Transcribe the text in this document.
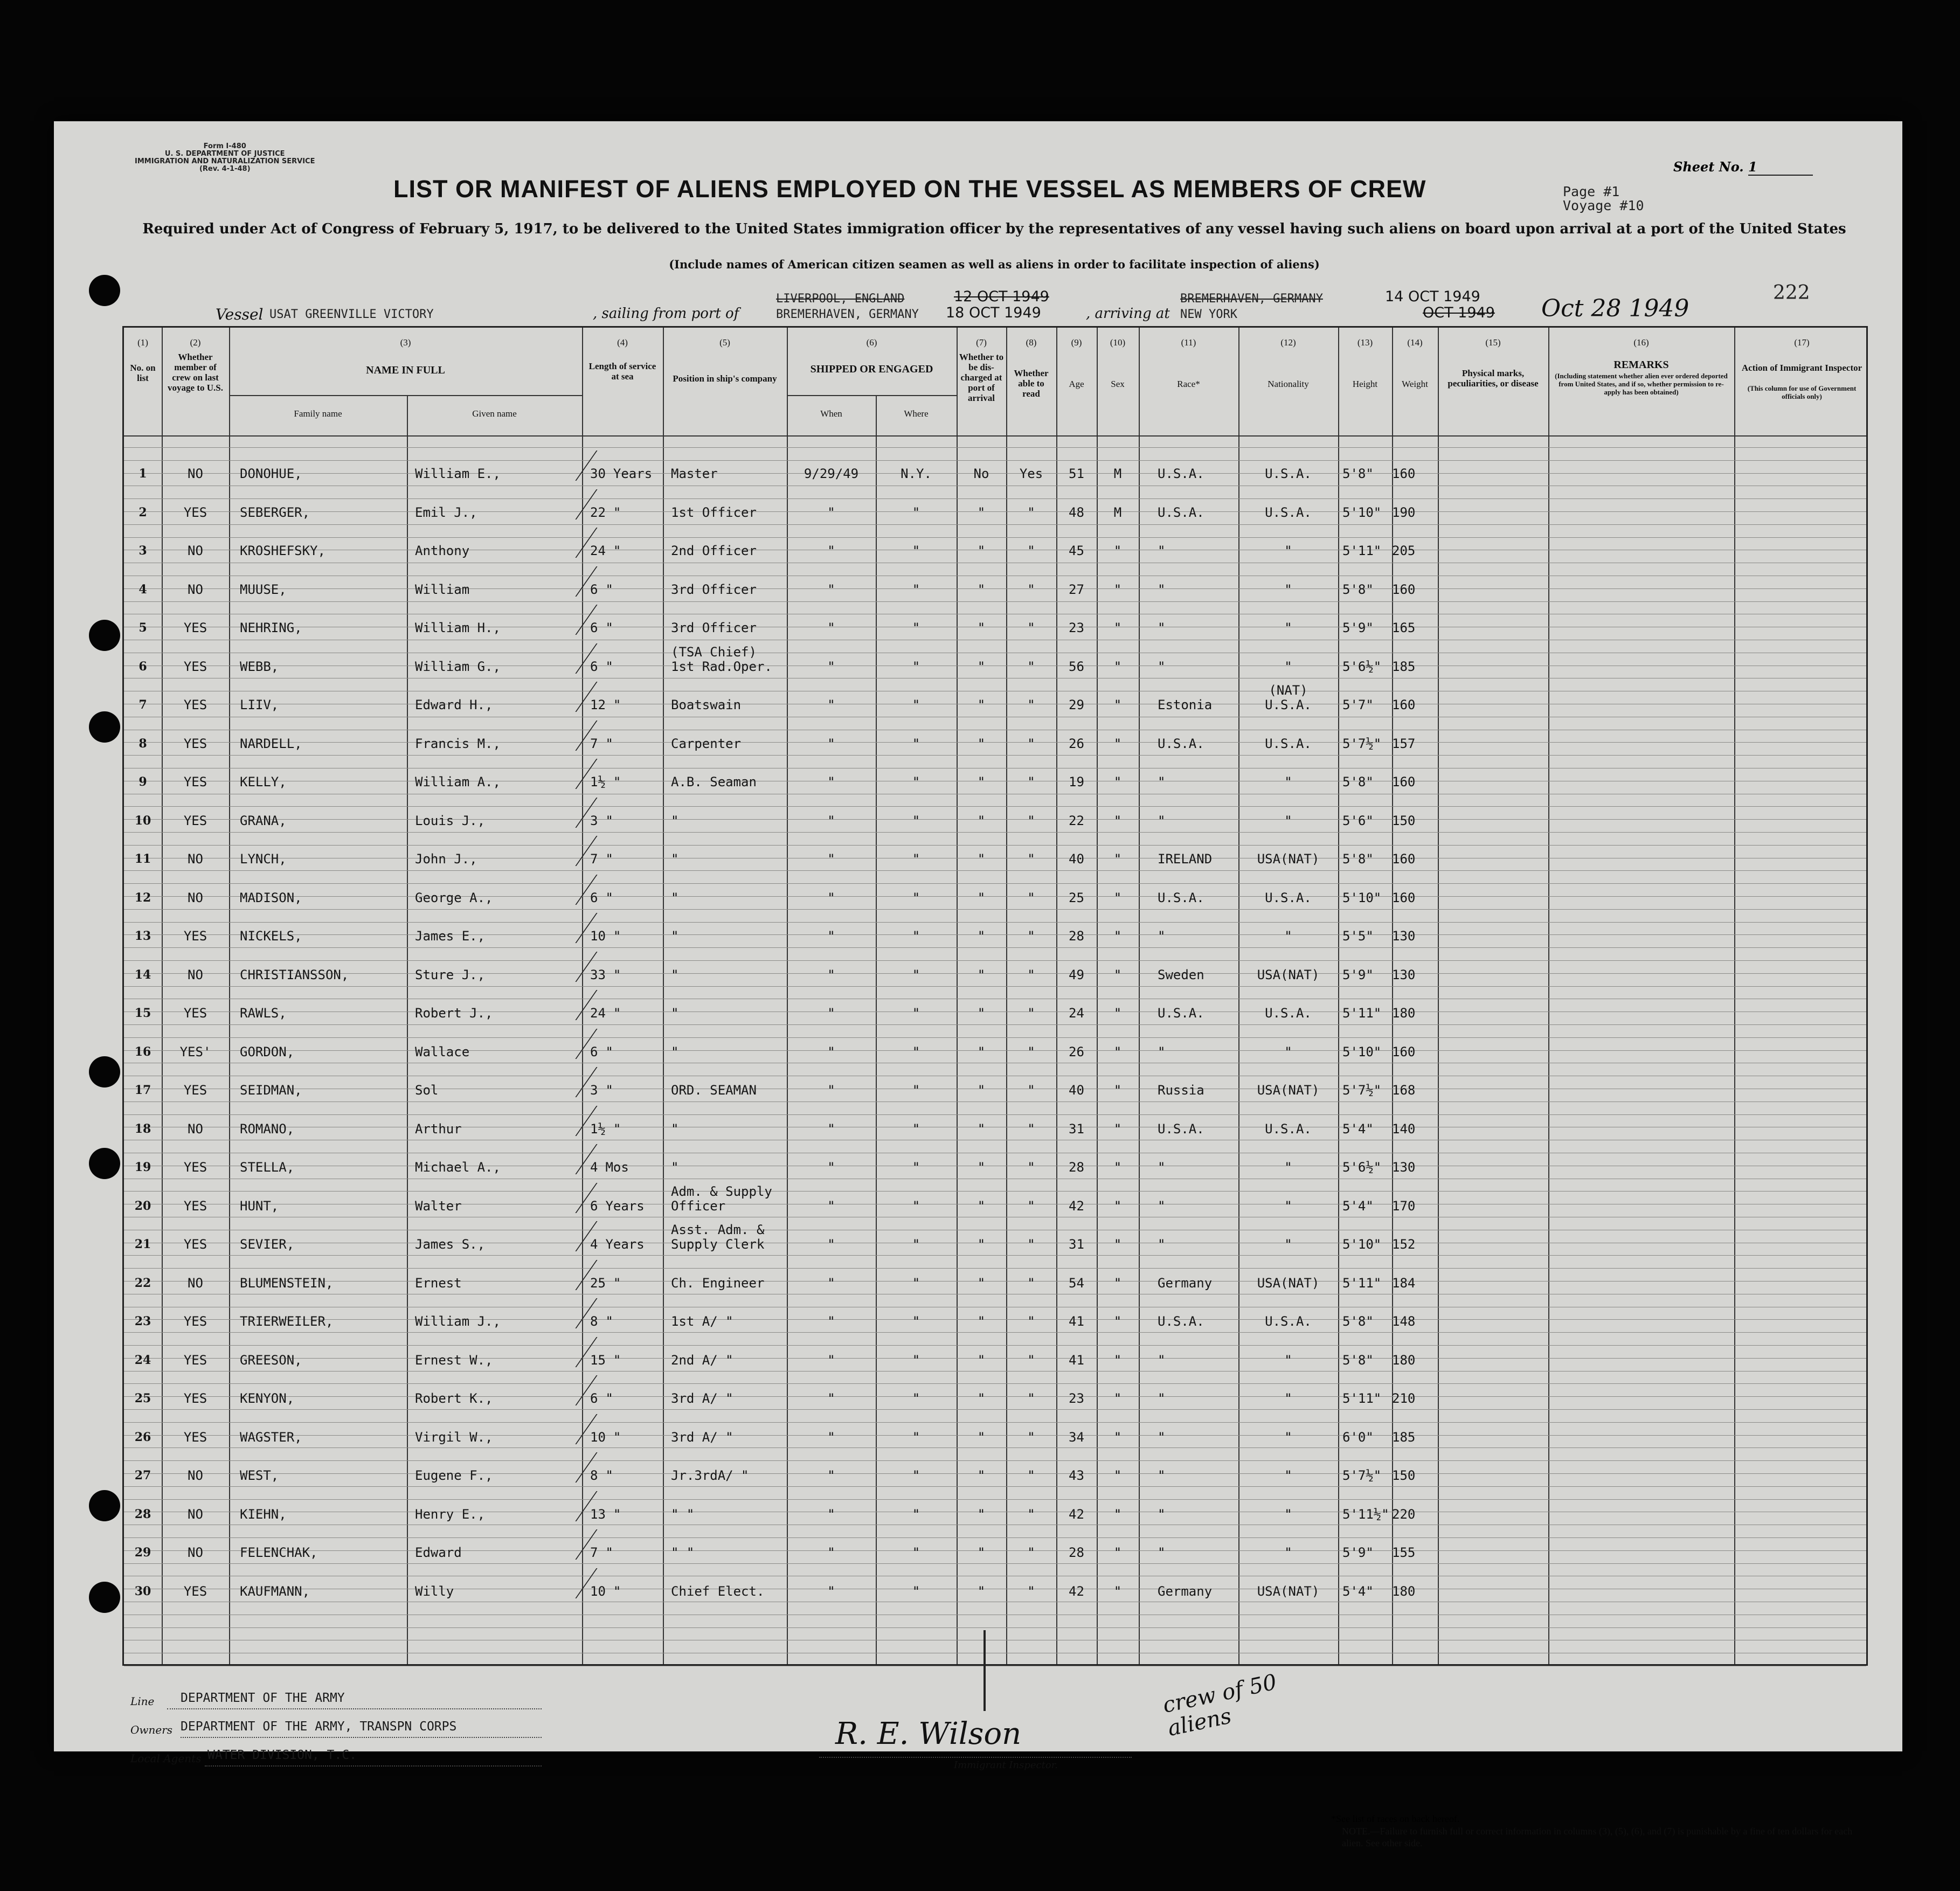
Form I-480
U. S. DEPARTMENT OF JUSTICE
IMMIGRATION AND NATURALIZATION SERVICE
(Rev. 4-1-48)	Sheet No. 1
LIST OR MANIFEST OF ALIENS EMPLOYED ON THE VESSEL AS MEMBERS OF CREW	Page #1
Voyage #10
Required under Act of Congress of February 5, 1917, to be delivered to the United States immigration officer by the representatives of any vessel having such aliens on board upon arrival at a port of the United States
(Include names of American citizen seamen as well as aliens in order to facilitate inspection of aliens)
Vessel USAT GREENVILLE VICTORY	, sailing from port of
LIVERPOOL, ENGLAND	12 OCT 1949
BREMERHAVEN, GERMANY 18 OCT 1949	, arriving at NEW YORK
BREMERHAVEN, GERMANY	14 OCT 1949
OCT 1949 Oct 28 1949
222
(1)	(2)	(3)	(4)	(5)	(6)	(7)	(8)	(9)	(10)	(11)	(12)	(13)	(14)	(15)	(16)	(17)
No. on list
Whether member of crew on last voyage to U.S.
NAME IN FULL
Family name	Given name
Length of service at sea	Position in ship's company
SHIPPED OR ENGAGED
When	Where
Whether to be dis-charged at port of arrival
Whether able to read
Age	Sex	Race*	Nationality	Height	Weight
Physical marks, peculiarities, or disease
REMARKS	Action of Immigrant Inspector
(Including statement whether alien ever ordered deported from United States, and if so, whether permission to re-apply has been obtained)	(This column for use of Government officials only)
1	NO	DONOHUE,	William E.,	30 Years Master	9/29/49	N.Y.	No	Yes	51	M	U.S.A.	U.S.A.	5'8" 160
2	YES	SEBERGER,	Emil J.,	22 "	1st Officer	"	"	"	"	48	M	U.S.A.	U.S.A.	5'10" 190
3	NO	KROSHEFSKY,	Anthony	24 "	2nd Officer	"	"	"	"	45	"	"	"	5'11" 205
4	NO	MUUSE,	William	6 "	3rd Officer	"	"	"	"	27	"	"	"	5'8" 160
5	YES	NEHRING,	William H.,	6 "	3rd Officer	"	"	"	"	23	"	"	"	5'9" 165
6	YES	WEBB,	William G.,	6 "	1st Rad.Oper.	"	"	"	"	56	"	"	"	5'6½" 185
(TSA Chief)
7	YES	LIIV,	Edward H.,	12 "	Boatswain	"	"	"	"	29	"	Estonia	U.S.A.	5'7" 160
(NAT)
8	YES	NARDELL,	Francis M.,	7 "	Carpenter	"	"	"	"	26	"	U.S.A.	U.S.A.	5'7½" 157
9	YES	KELLY,	William A.,	1½ "	A.B. Seaman	"	"	"	"	19	"	"	"	5'8" 160
10	YES	GRANA,	Louis J.,	3 "	"	"	"	"	"	22	"	"	"	5'6" 150
11	NO	LYNCH,	John J.,	7 "	"	"	"	"	"	40	"	IRELAND	USA(NAT)	5'8" 160
12	NO	MADISON,	George A.,	6 "	"	"	"	"	"	25	"	U.S.A.	U.S.A.	5'10" 160
13	YES	NICKELS,	James E.,	10 "	"	"	"	"	"	28	"	"	"	5'5" 130
14	NO	CHRISTIANSSON,	Sture J.,	33 "	"	"	"	"	"	49	"	Sweden	USA(NAT)	5'9" 130
15	YES	RAWLS,	Robert J.,	24 "	"	"	"	"	"	24	"	U.S.A.	U.S.A.	5'11" 180
16	YES'	GORDON,	Wallace	6 "	"	"	"	"	"	26	"	"	"	5'10" 160
17	YES	SEIDMAN,	Sol	3 "	ORD. SEAMAN	"	"	"	"	40	"	Russia	USA(NAT)	5'7½" 168
18	NO	ROMANO,	Arthur	1½ "	"	"	"	"	"	31	"	U.S.A.	U.S.A.	5'4" 140
19	YES	STELLA,	Michael A.,	4 Mos	"	"	"	"	"	28	"	"	"	5'6½" 130
20	YES	HUNT,	Walter	6 Years Officer	"	"	"	"	42	"	"	"	5'4" 170
Adm. & Supply
21	YES	SEVIER,	James S.,	4 Years Supply Clerk	"	"	"	"	31	"	"	"	5'10" 152
Asst. Adm. &
22	NO	BLUMENSTEIN,	Ernest	25 "	Ch. Engineer	"	"	"	"	54	"	Germany	USA(NAT)	5'11" 184
23	YES	TRIERWEILER,	William J.,	8 "	1st A/ "	"	"	"	"	41	"	U.S.A.	U.S.A.	5'8" 148
24	YES	GREESON,	Ernest W.,	15 "	2nd A/ "	"	"	"	"	41	"	"	"	5'8" 180
25	YES	KENYON,	Robert K.,	6 "	3rd A/ "	"	"	"	"	23	"	"	"	5'11" 210
26	YES	WAGSTER,	Virgil W.,	10 "	3rd A/ "	"	"	"	"	34	"	"	"	6'0" 185
27	NO	WEST,	Eugene F.,	8 "	Jr.3rdA/ "	"	"	"	"	43	"	"	"	5'7½" 150
28	NO	KIEHN,	Henry E.,	13 "	" "	"	"	"	"	42	"	"	"	5'11½" 220
29	NO	FELENCHAK,	Edward	7 "	" "	"	"	"	"	28	"	"	"	5'9" 155
30	YES	KAUFMANN,	Willy	10 "	Chief Elect.	"	"	"	"	42	"	Germany	USA(NAT)	5'4" 180
Line DEPARTMENT OF THE ARMY
Owners DEPARTMENT OF THE ARMY, TRANSPN CORPS
Local Agents WATER DIVISION, T.C.
R. E. Wilson
Immigrant Inspector.
crew of 50 aliens
*See list of races on back hereof.
NOTE.—Failure to furnish full or correct information in columns (3), (5), (6), and (7) is punishable by a fine of ten dollars for each alien. See other side.
